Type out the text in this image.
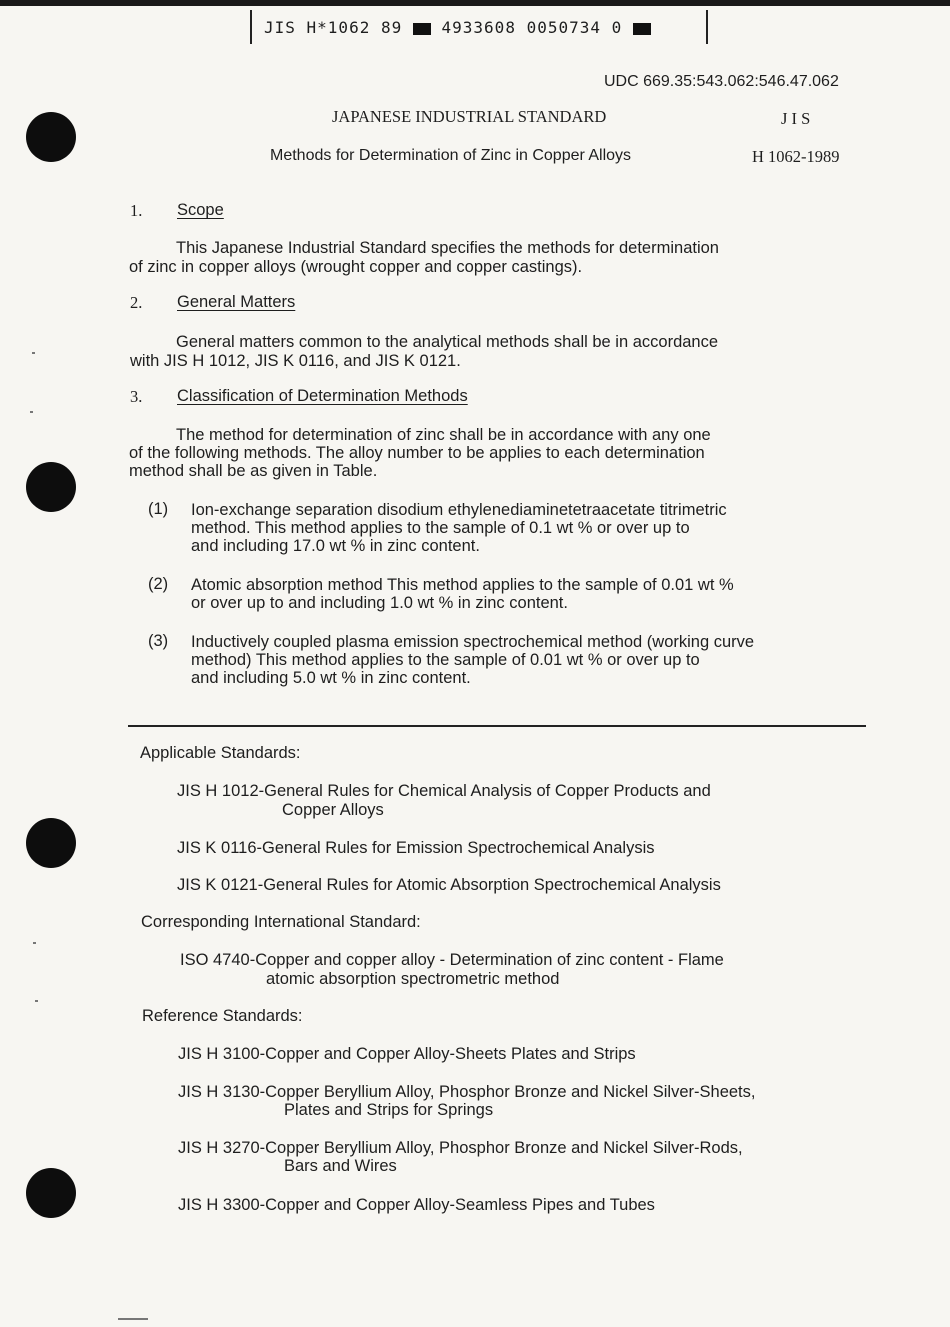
JIS H*1062 89 4933608 0050734 0
UDC 669.35:543.062:546.47.062
JAPANESE INDUSTRIAL STANDARD	J I S
Methods for Determination of Zinc in Copper Alloys	H 1062-1989
1. Scope
This Japanese Industrial Standard specifies the methods for determination
of zinc in copper alloys (wrought copper and copper castings).
2. General Matters
General matters common to the analytical methods shall be in accordance
with JIS H 1012, JIS K 0116, and JIS K 0121.
3. Classification of Determination Methods
The method for determination of zinc shall be in accordance with any one
of the following methods. The alloy number to be applies to each determination
method shall be as given in Table.
(1) Ion-exchange separation disodium ethylenediaminetetraacetate titrimetric
method. This method applies to the sample of 0.1 wt % or over up to
and including 17.0 wt % in zinc content.
(2) Atomic absorption method This method applies to the sample of 0.01 wt %
or over up to and including 1.0 wt % in zinc content.
(3) Inductively coupled plasma emission spectrochemical method (working curve
method) This method applies to the sample of 0.01 wt % or over up to
and including 5.0 wt % in zinc content.
Applicable Standards:
JIS H 1012-General Rules for Chemical Analysis of Copper Products and
Copper Alloys
JIS K 0116-General Rules for Emission Spectrochemical Analysis
JIS K 0121-General Rules for Atomic Absorption Spectrochemical Analysis
Corresponding International Standard:
ISO 4740-Copper and copper alloy - Determination of zinc content - Flame
atomic absorption spectrometric method
Reference Standards:
JIS H 3100-Copper and Copper Alloy-Sheets Plates and Strips
JIS H 3130-Copper Beryllium Alloy, Phosphor Bronze and Nickel Silver-Sheets,
Plates and Strips for Springs
JIS H 3270-Copper Beryllium Alloy, Phosphor Bronze and Nickel Silver-Rods,
Bars and Wires
JIS H 3300-Copper and Copper Alloy-Seamless Pipes and Tubes
